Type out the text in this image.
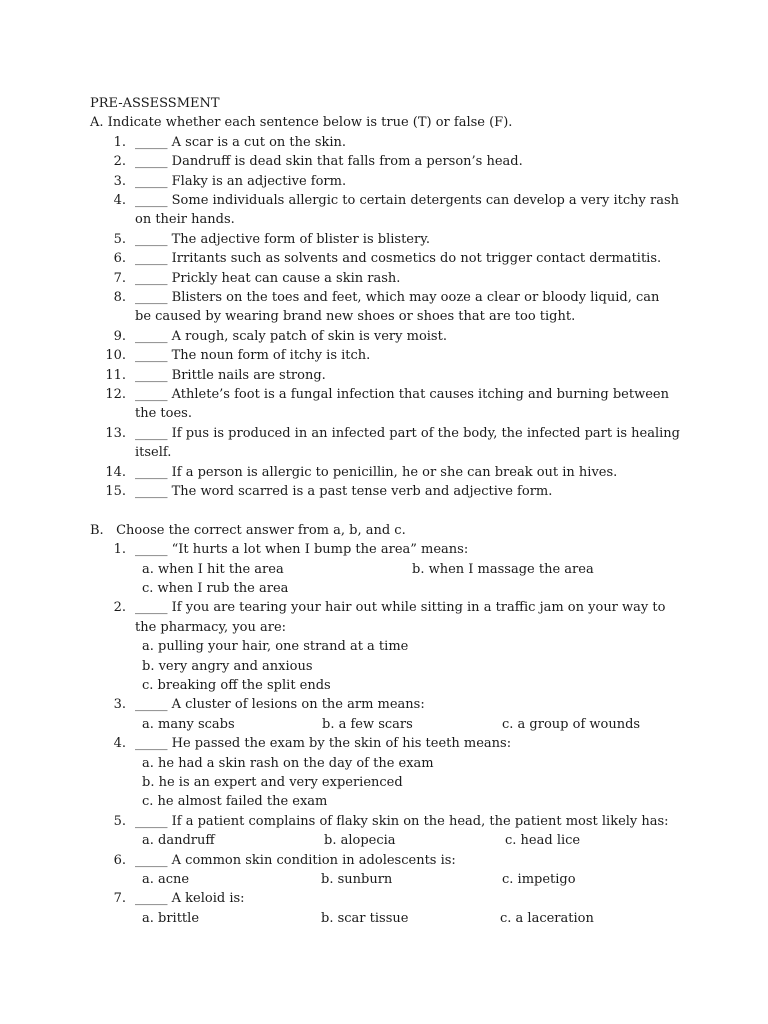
PRE-ASSESSMENT
A. Indicate whether each sentence below is true (T) or false (F).
1. _____ A scar is a cut on the skin.
2. _____ Dandruff is dead skin that falls from a person’s head.
3. _____ Flaky is an adjective form.
4. _____ Some individuals allergic to certain detergents can develop a very itchy rash
on their hands.
5. _____ The adjective form of blister is blistery.
6. _____ Irritants such as solvents and cosmetics do not trigger contact dermatitis.
7. _____ Prickly heat can cause a skin rash.
8. _____ Blisters on the toes and feet, which may ooze a clear or bloody liquid, can
be caused by wearing brand new shoes or shoes that are too tight.
9. _____ A rough, scaly patch of skin is very moist.
10. _____ The noun form of itchy is itch.
11. _____ Brittle nails are strong.
12. _____ Athlete’s foot is a fungal infection that causes itching and burning between
the toes.
13. _____ If pus is produced in an infected part of the body, the infected part is healing
itself.
14. _____ If a person is allergic to penicillin, he or she can break out in hives.
15. _____ The word scarred is a past tense verb and adjective form.
B. Choose the correct answer from a, b, and c.
1. _____ “It hurts a lot when I bump the area” means:
a. when I hit the area	b. when I massage the area
c. when I rub the area
2. _____ If you are tearing your hair out while sitting in a traffic jam on your way to
the pharmacy, you are:
a. pulling your hair, one strand at a time
b. very angry and anxious
c. breaking off the split ends
3. _____ A cluster of lesions on the arm means:
a. many scabs	b. a few scars	c. a group of wounds
4. _____ He passed the exam by the skin of his teeth means:
a. he had a skin rash on the day of the exam
b. he is an expert and very experienced
c. he almost failed the exam
5. _____ If a patient complains of flaky skin on the head, the patient most likely has:
a. dandruff	b. alopecia	c. head lice
6. _____ A common skin condition in adolescents is:
a. acne	b. sunburn	c. impetigo
7. _____ A keloid is:
a. brittle	b. scar tissue	c. a laceration
